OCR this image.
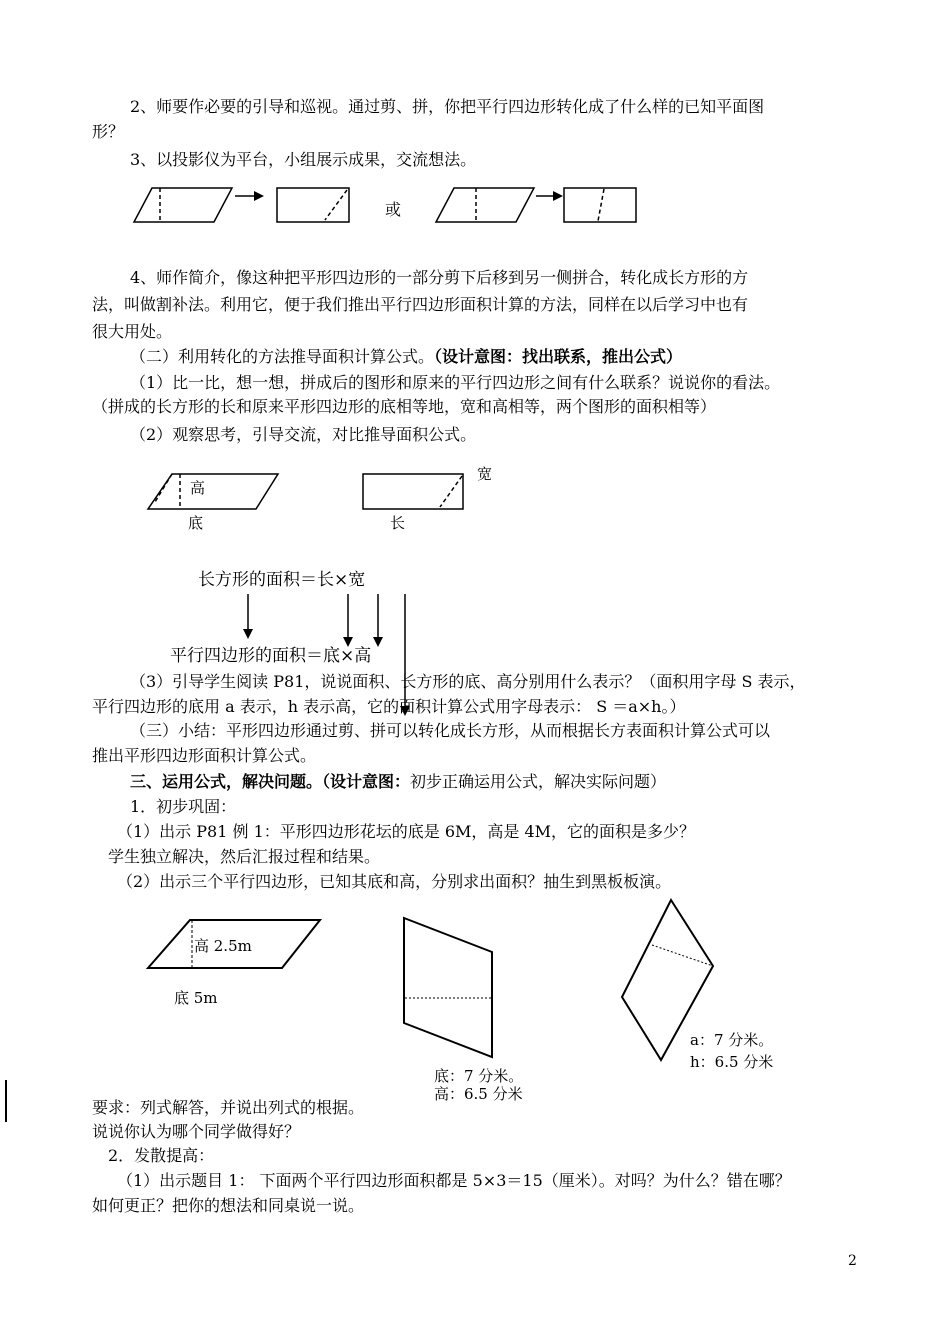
2、师要作必要的引导和巡视。通过剪、拼，你把平行四边形转化成了什么样的已知平面图

形？

3、以投影仪为平台，小组展示成果，交流想法。

4、师作简介，像这种把平形四边形的一部分剪下后移到另一侧拼合，转化成长方形的方

法，叫做割补法。利用它，便于我们推出平行四边形面积计算的方法，同样在以后学习中也有

很大用处。

（二）利用转化的方法推导面积计算公式。（设计意图：找出联系，推出公式）

（1）比一比，想一想，拼成后的图形和原来的平行四边形之间有什么联系？说说你的看法。

（拼成的长方形的长和原来平形四边形的底相等地，宽和高相等，两个图形的面积相等）

（2）观察思考，引导交流，对比推导面积公式。

（3）引导学生阅读 P81，说说面积、长方形的底、高分别用什么表示？（面积用字母 S 表示，

平行四边形的底用 a 表示，h 表示高，它的面积计算公式用字母表示： S ＝a×h。）

（三）小结：平形四边形通过剪、拼可以转化成长方形，从而根据长方表面积计算公式可以

推出平形四边形面积计算公式。

三、运用公式，解决问题。（设计意图：初步正确运用公式，解决实际问题）

1．初步巩固：

（1）出示 P81 例 1：平形四边形花坛的底是 6M，高是 4M，它的面积是多少？

学生独立解决，然后汇报过程和结果。

（2）出示三个平行四边形，已知其底和高，分别求出面积？抽生到黑板板演。

要求：列式解答，并说出列式的根据。

说说你认为哪个同学做得好？

2．发散提高：

（1）出示题目 1： 下面两个平行四边形面积都是 5×3＝15（厘米）。对吗？为什么？错在哪？

如何更正？把你的想法和同桌说一说。

2

或
高
底
宽
长
长方形的面积＝长×宽
平行四边形的面积＝底×高
高 2.5m
底 5m
底：7 分米。
高：6.5 分米
a：7 分米。
h：6.5 分米
